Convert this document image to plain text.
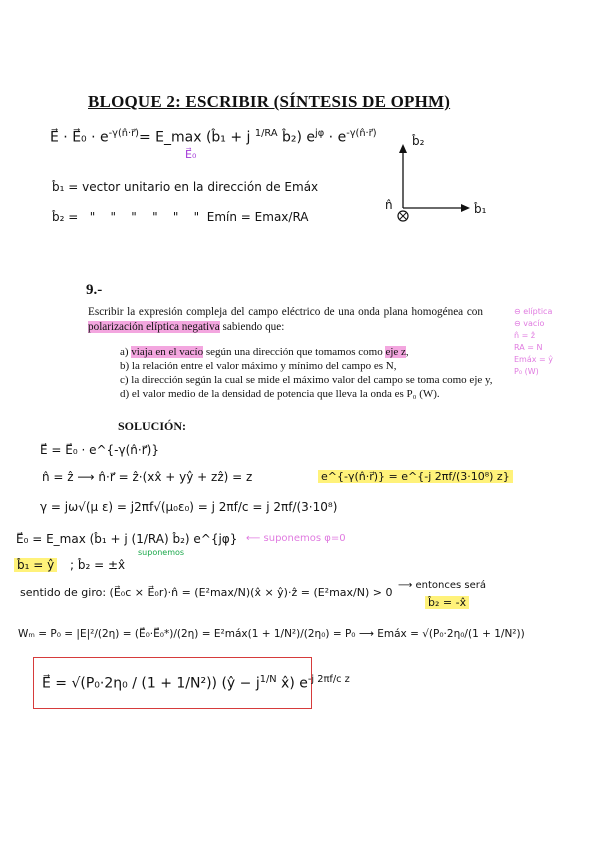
BLOQUE 2: ESCRIBIR (SÍNTESIS DE OPHM)
E⃗ · E⃗₀ · $e^{-\gamma(n̂\cdot r⃗)}=$ E_max (b̂₁ + j $^{1/RA}$ b̂₂) $e^{j\varphi} \cdot e^{-\gamma(n̂\cdot r⃗)}$
E⃗₀
b̂₁ = vector unitario en la dirección de Emáx
b̂₂ =   "    "    "    "    "    "  Emín = Emax/RA
b̂₂
b̂₁
n̂
9.-
Escribir la expresión compleja del campo eléctrico de una onda plana homogénea con polarización elíptica negativa sabiendo que:
a) viaja en el vacío según una dirección que tomamos como eje z,
b) la relación entre el valor máximo y mínimo del campo es N,
c) la dirección según la cual se mide el máximo valor del campo se toma como eje y,
d) el valor medio de la densidad de potencia que lleva la onda es P₀ (W).
⊖ elíptica
⊖ vacío
n̂ = ẑ
RA = N
Emáx = ŷ
P₀ (W)
SOLUCIÓN:
E⃗ = E⃗₀ · e^{-γ(n̂·r⃗)}
n̂ = ẑ ⟶ n̂·r⃗ = ẑ·(xx̂ + yŷ + zẑ) = z	e^{-γ(n̂·r⃗)} = e^{-j 2πf/(3·10⁸) z}
γ = jω√(μ ε) = j2πf√(μ₀ε₀) = j 2πf/c = j 2πf/(3·10⁸)
E⃗₀ = E_max (b̂₁ + j (1/RA) b̂₂) e^{jφ} ⟵ suponemos φ=0
b̂₁ = ŷ ; b̂₂ = ±x̂
suponemos
sentido de giro: (E⃗₀c × E⃗₀r)·n̂ = (E²max/N)(x̂ × ŷ)·ẑ = (E²max/N) > 0
⟶ entonces será
b̂₂ = -x̂
Wₘ = P₀ = |E|²/(2η) = (E⃗₀·E⃗₀*)/(2η) = E²máx(1 + 1/N²)/(2η₀) = P₀ ⟶ Emáx = √(P₀·2η₀/(1 + 1/N²))
E⃗ = √(P₀·2η₀ / (1 + 1/N²)) (ŷ − $j^{1/N}$ x̂) $e^{-j 2\pi f/c z}$
